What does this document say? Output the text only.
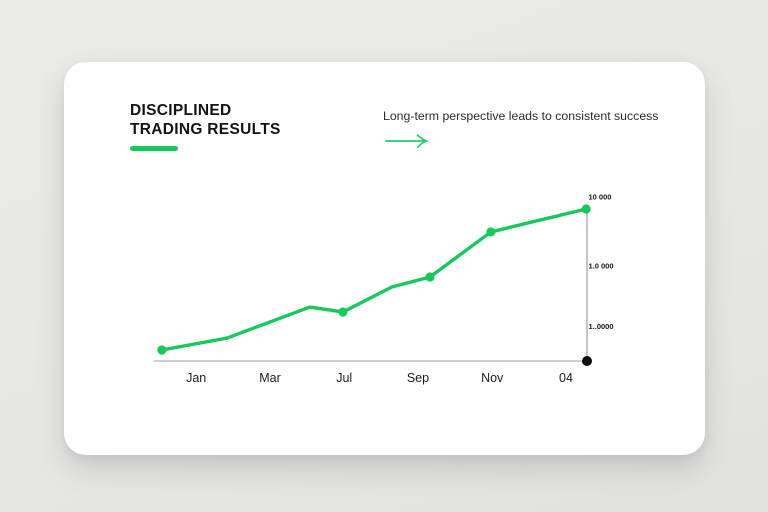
DISCIPLINED
TRADING RESULTS
Long-term perspective leads to consistent success
10 000
1.0 000
1..0000
Jan	Mar	Jul	Sep	Nov	04
